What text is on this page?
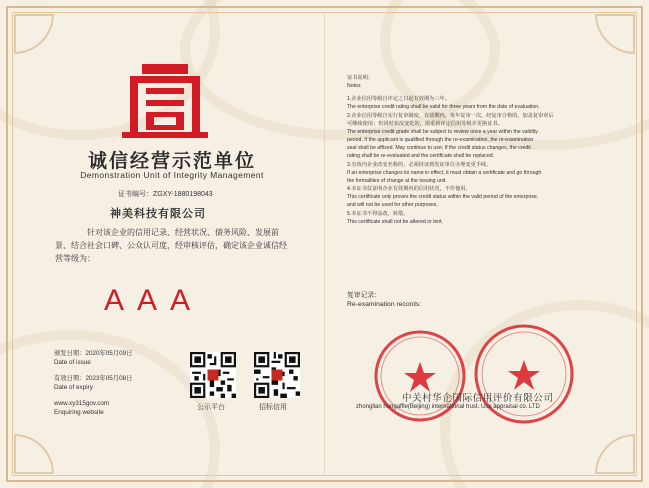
诚信经营示范单位
Demonstration Unit of Integrity Management
证书编号：ZGXY-1880198043
神美科技有限公司
针对该企业的信用记录、经营状况、债务风险、发展前景、结合社会口碑、公众认可度，经审核评估，确定该企业诚信经营等级为：
AAA
颁发日期：2020年05月09日
Date of issue
有效日期：2023年05月08日
Date of expiry
www.xy315gov.com
Enquiring website
公示平台	招标信用
证书说明：
Notes
1.企业信用等级自评定之日起有效期为三年。
The enterprise credit rating shall be valid for three years from the date of evaluation.
2.企业信用等级自实行复审制度，有效期内，每年复审一次。经复审合格的，加盖复审章后
可继续使用；但同时状况变化的，需重新评定信用等级并更换证书。
The enterprise credit grade shall be subject to review once a year within the validity
period. If the applicant is qualified through the re-examination, the re-examination
seal shall be affixed. May continue to use; If the credit status changes, the credit
rating shall be re-evaluated and the certificate shall be replaced.
3.有效内企业改变名称的，必须持证到发证单位办理变更手续。
If an enterprise changes its name in effect, it must obtain a certificate and go through
the formalities of change at the issuing unit.
4.本证书仅证明企业有效期内的信用状况，不作他用。
This certificate only proves the credit status within the valid period of the enterprise,
and will not be used for other purposes.
5.本证书不得涂改，转借。
This certificate shall not be altered or lent.
复审记录：
Re-examination records:
中关村华企国际信用评价有限公司
zhongllan hongaffle(Beijing) international trust. Use appraisal co. LTD
